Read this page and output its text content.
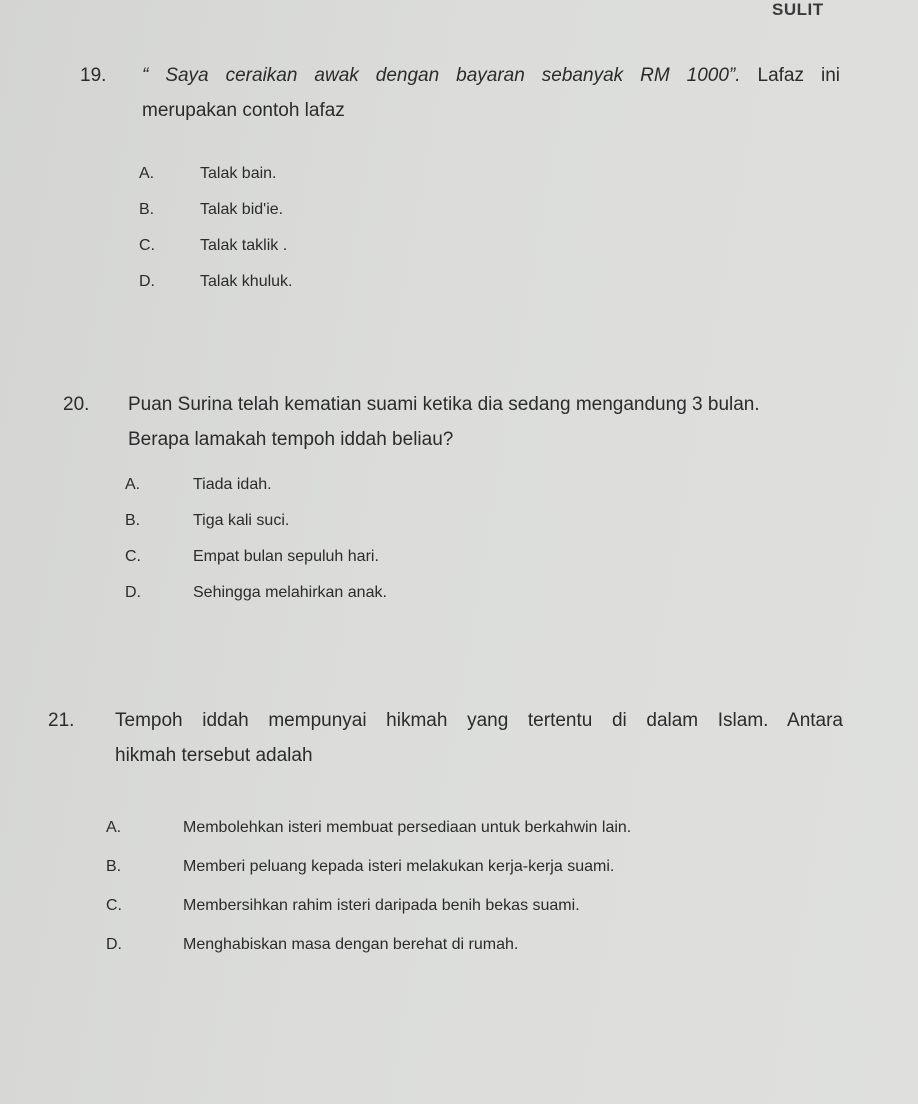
SULIT
19. “ Saya ceraikan awak dengan bayaran sebanyak RM 1000”. Lafaz ini

merupakan contoh lafaz

A.	Talak bain.
B.	Talak bid'ie.
C.	Talak taklik .
D.	Talak khuluk.
20. Puan Surina telah kematian suami ketika dia sedang mengandung 3 bulan.

Berapa lamakah tempoh iddah beliau?

A.	Tiada idah.
B.	Tiga kali suci.
C.	Empat bulan sepuluh hari.
D.	Sehingga melahirkan anak.
21. Tempoh iddah mempunyai hikmah yang tertentu di dalam Islam. Antara

hikmah tersebut adalah

A.	Membolehkan isteri membuat persediaan untuk berkahwin lain.
B.	Memberi peluang kepada isteri melakukan kerja-kerja suami.
C.	Membersihkan rahim isteri daripada benih bekas suami.
D.	Menghabiskan masa dengan berehat di rumah.
